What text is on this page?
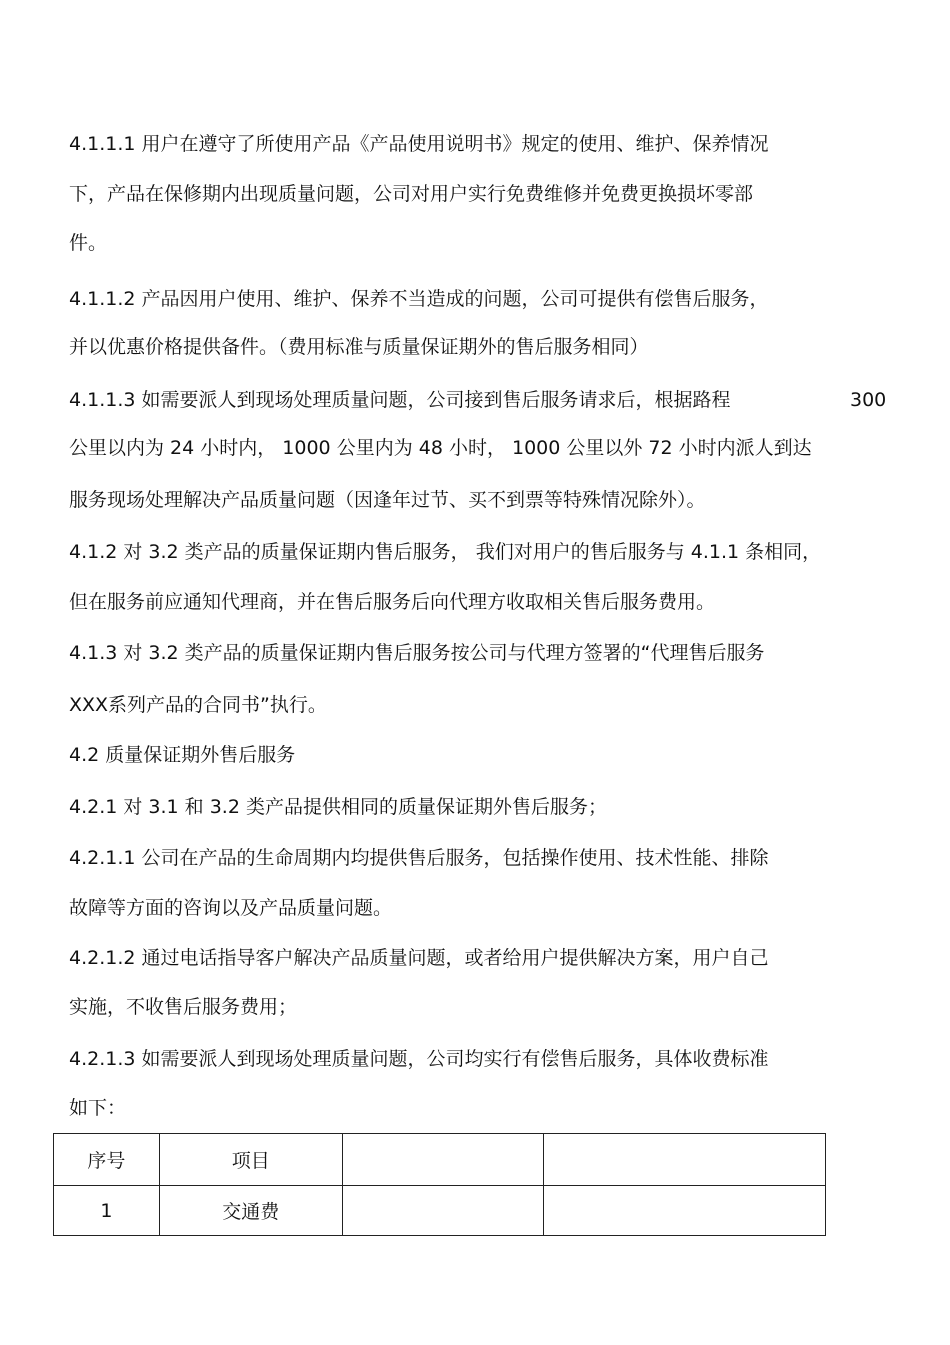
4.1.1.1 用户在遵守了所使用产品《产品使用说明书》规定的使用、维护、保养情况
下，产品在保修期内出现质量问题，公司对用户实行免费维修并免费更换损坏零部
件。
4.1.1.2 产品因用户使用、维护、保养不当造成的问题，公司可提供有偿售后服务，
并以优惠价格提供备件。（费用标准与质量保证期外的售后服务相同）
4.1.1.3 如需要派人到现场处理质量问题，公司接到售后服务请求后，根据路程	300
公里以内为 24 小时内， 1000 公里内为 48 小时， 1000 公里以外 72 小时内派人到达
服务现场处理解决产品质量问题（因逢年过节、买不到票等特殊情况除外）。
4.1.2 对 3.2 类产品的质量保证期内售后服务， 我们对用户的售后服务与 4.1.1 条相同，
但在服务前应通知代理商，并在售后服务后向代理方收取相关售后服务费用。
4.1.3 对 3.2 类产品的质量保证期内售后服务按公司与代理方签署的“代理售后服务
XXX系列产品的合同书”执行。
4.2 质量保证期外售后服务
4.2.1 对 3.1 和 3.2 类产品提供相同的质量保证期外售后服务；
4.2.1.1 公司在产品的生命周期内均提供售后服务，包括操作使用、技术性能、排除
故障等方面的咨询以及产品质量问题。
4.2.1.2 通过电话指导客户解决产品质量问题，或者给用户提供解决方案，用户自己
实施，不收售后服务费用；
4.2.1.3 如需要派人到现场处理质量问题，公司均实行有偿售后服务，具体收费标准
如下：
序号	项目		
1	交通费		
